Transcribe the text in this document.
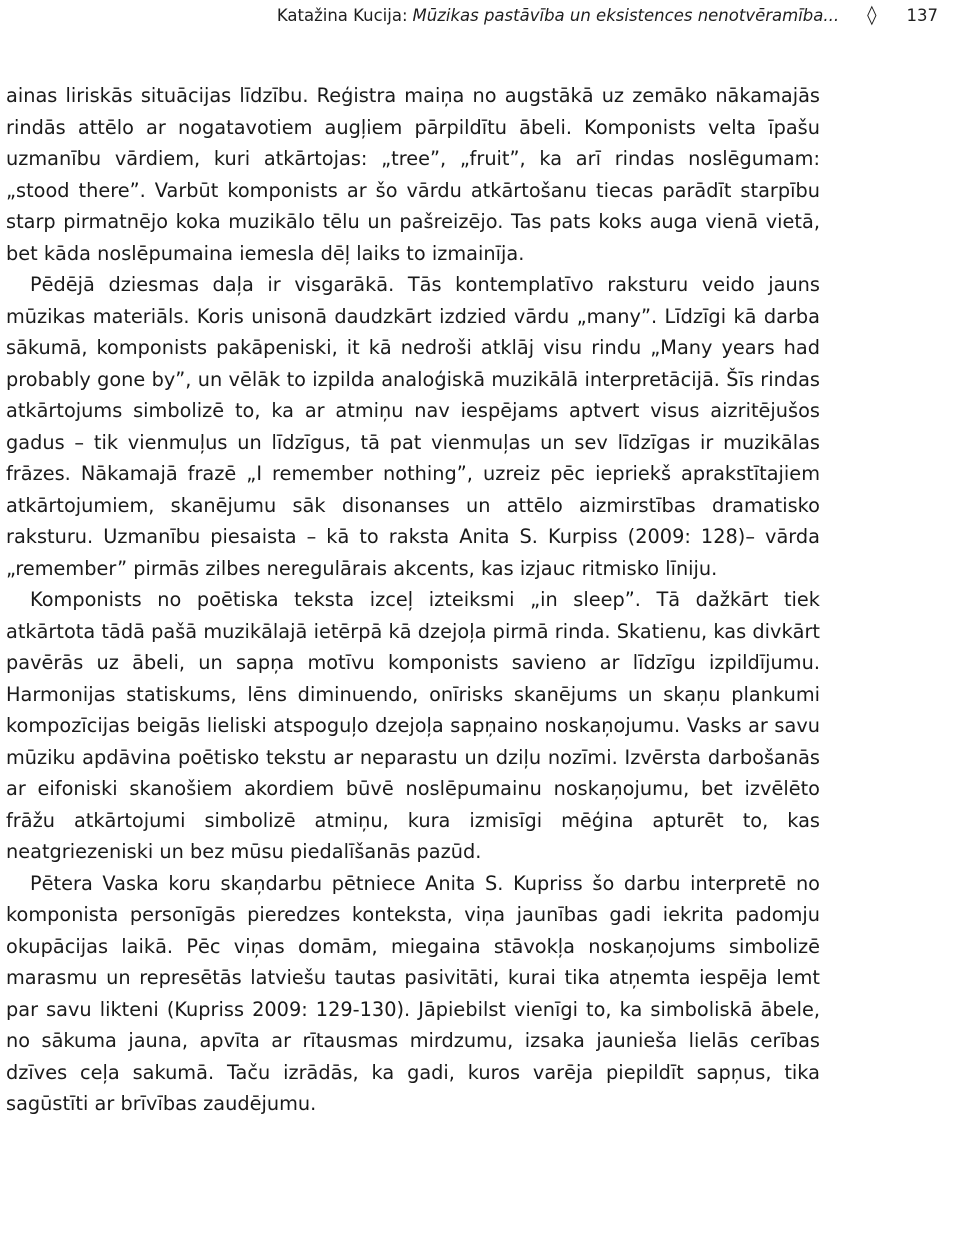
Katažina Kucija: Mūzikas pastāvība un eksistences nenotvēramība... ◊ 137

ainas liriskās situācijas līdzību. Reģistra maiņa no augstākā uz zemāko nākamajās rindās attēlo ar nogatavotiem augļiem pārpildītu ābeli. Komponists velta īpašu uzmanību vārdiem, kuri atkārtojas: „tree”, „fruit”, ka arī rindas noslēgumam: „stood there”. Varbūt komponists ar šo vārdu atkārtošanu tiecas parādīt starpību starp pirmatnējo koka muzikālo tēlu un pašreizējo. Tas pats koks auga vienā vietā, bet kāda noslēpumaina iemesla dēļ laiks to izmainīja.

Pēdējā dziesmas daļa ir visgarākā. Tās kontemplatīvo raksturu veido jauns mūzikas materiāls. Koris unisonā daudzkārt izdzied vārdu „many”. Līdzīgi kā darba sākumā, komponists pakāpeniski, it kā nedroši atklāj visu rindu „Many years had probably gone by”, un vēlāk to izpilda analoģiskā muzikālā interpretācijā. Šīs rindas atkārtojums simbolizē to, ka ar atmiņu nav iespējams aptvert visus aizritējušos gadus – tik vienmuļus un līdzīgus, tā pat vienmuļas un sev līdzīgas ir muzikālas frāzes. Nākamajā frazē „I remember nothing”, uzreiz pēc iepriekš aprakstītajiem atkārtojumiem, skanējumu sāk disonanses un attēlo aizmirstības dramatisko raksturu. Uzmanību piesaista – kā to raksta Anita S. Kurpiss (2009: 128)– vārda „remember” pirmās zilbes neregulārais akcents, kas izjauc ritmisko līniju.

Komponists no poētiska teksta izceļ izteiksmi „in sleep”. Tā dažkārt tiek atkārtota tādā pašā muzikālajā ietērpā kā dzejoļa pirmā rinda. Skatienu, kas divkārt pavērās uz ābeli, un sapņa motīvu komponists savieno ar līdzīgu izpildījumu. Harmonijas statiskums, lēns diminuendo, onīrisks skanējums un skaņu plankumi kompozīcijas beigās lieliski atspoguļo dzejoļa sapņaino noskaņojumu. Vasks ar savu mūziku apdāvina poētisko tekstu ar neparastu un dziļu nozīmi. Izvērsta darbošanās ar eifoniski skanošiem akordiem būvē noslēpumainu noskaņojumu, bet izvēlēto frāžu atkārtojumi simbolizē atmiņu, kura izmisīgi mēģina apturēt to, kas neatgriezeniski un bez mūsu piedalīšanās pazūd.

Pētera Vaska koru skaņdarbu pētniece Anita S. Kupriss šo darbu interpretē no komponista personīgās pieredzes konteksta, viņa jaunības gadi iekrita padomju okupācijas laikā. Pēc viņas domām, miegaina stāvokļa noskaņojums simbolizē marasmu un represētās latviešu tautas pasivitāti, kurai tika atņemta iespēja lemt par savu likteni (Kupriss 2009: 129-130). Jāpiebilst vienīgi to, ka simboliskā ābele, no sākuma jauna, apvīta ar rītausmas mirdzumu, izsaka jaunieša lielās cerības dzīves ceļa sakumā. Taču izrādās, ka gadi, kuros varēja piepildīt sapņus, tika sagūstīti ar brīvības zaudējumu.
